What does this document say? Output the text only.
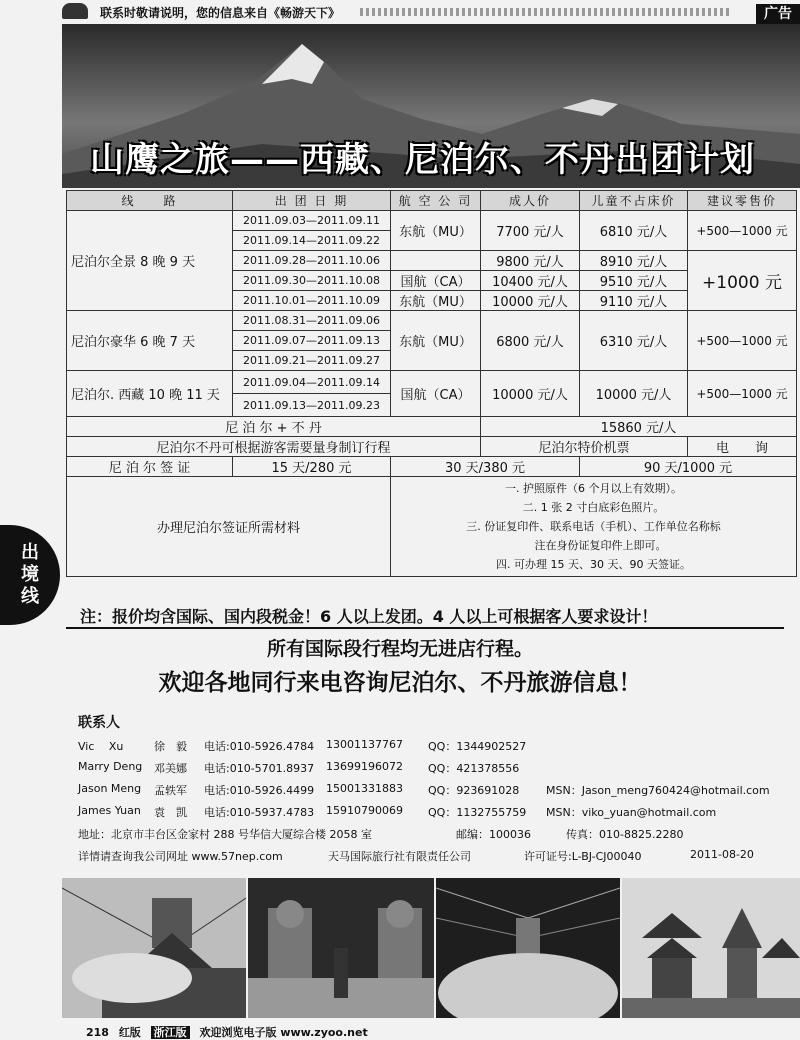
联系时敬请说明，您的信息来自《畅游天下》	广告
出
境
线
山鹰之旅——西藏、尼泊尔、不丹出团计划
线　　路	出 团 日 期	航 空 公 司	成人价	儿童不占床价	建议零售价
尼泊尔全景 8 晚 9 天	2011.09.03—2011.09.11	东航（MU）	7700 元/人	6810 元/人	+500—1000 元
	2011.09.14—2011.09.22				
	2011.09.28—2011.10.06		9800 元/人	8910 元/人	+1000 元
	2011.09.30—2011.10.08	国航（CA）	10400 元/人	9510 元/人	
	2011.10.01—2011.10.09	东航（MU）	10000 元/人	9110 元/人	
尼泊尔豪华 6 晚 7 天	2011.08.31—2011.09.06	东航（MU）	6800 元/人	6310 元/人	+500—1000 元
	2011.09.07—2011.09.13				
	2011.09.21—2011.09.27				
尼泊尔. 西藏 10 晚 11 天	2011.09.04—2011.09.14	国航（CA）	10000 元/人	10000 元/人	+500—1000 元
	2011.09.13—2011.09.23				
尼 泊 尔 + 不 丹			15860 元/人		
尼泊尔不丹可根据游客需要量身制订行程			尼泊尔特价机票		电　　询
尼 泊 尔 签 证	15 天/280 元	30 天/380 元		90 天/1000 元	
办理尼泊尔签证所需材料		一. 护照原件（6 个月以上有效期）。
二. 1 张 2 寸白底彩色照片。
三. 份证复印件、联系电话（手机）、工作单位名称标
注在身份证复印件上即可。
四. 可办理 15 天、30 天、90 天签证。			
注：报价均含国际、国内段税金！6 人以上发团。4 人以上可根据客人要求设计！
所有国际段行程均无进店行程。
欢迎各地同行来电咨询尼泊尔、不丹旅游信息！
联系人
Vic　 Xu	徐　毅 电话:010-5926.4784 13001137767 QQ：1344902527
Marry Deng 邓美娜 电话:010-5701.8937 13699196072 QQ：421378556
Jason Meng 孟轶军 电话:010-5926.4499 15001331883 QQ：923691028 MSN：Jason_meng760424@hotmail.com
James Yuan 袁　凯 电话:010-5937.4783 15910790069 QQ：1132755759 MSN：viko_yuan@hotmail.com
地址：北京市丰台区金家村 288 号华信大厦综合楼 2058 室	邮编：100036	传真：010-8825.2280
详情请查询我公司网址 www.57nep.com	天马国际旅行社有限责任公司	许可证号:L-BJ-CJ00040	2011-08-20
218 红版 浙江版 欢迎浏览电子版 www.zyoo.net
